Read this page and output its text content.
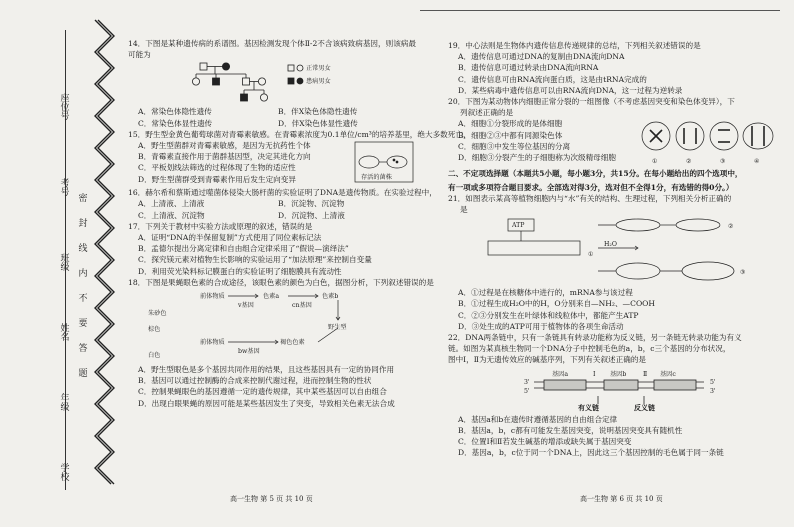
座位号
考号
班级
姓名
年级
学校
密
封
线
内
不
要
答
题

14．下图是某种遗传病的系谱图。基因检测发现个体Ⅱ-2不含该病致病基因，则该病最可能为

正常男女
患病男女
A．常染色体隐性遗传	B．伴X染色体隐性遗传
C．常染色体显性遗传	D．伴X染色体显性遗传

15．野生型金黄色葡萄球菌对青霉素敏感。在青霉素浓度为0.1单位/cm³的培养基里，绝大多数死亡，

A．野生型菌群对青霉素敏感，是因为无抗药性个体

B．青霉素直接作用于菌群基因型，决定其进化方向

C．平板划线法筛选的过程体现了生物的适应性

D．野生型菌群受到青霉素作用后发生定向变异	存活的菌株

16．赫尔希和蔡斯通过噬菌体侵染大肠杆菌的实验证明了DNA是遗传物质。在实验过程中，

A．上清液、上清液	B．沉淀物、沉淀物
C．上清液、沉淀物	D．沉淀物、上清液

17．下列关于教材中实验方法或原理的叙述，错误的是

A．证明“DNA的半保留复制”方式使用了同位素标记法

B．孟德尔提出分离定律和自由组合定律采用了“假说—演绎法”

C．探究镁元素对植物生长影响的实验运用了“加法原理”来控制自变量

D．利用荧光染料标记膜蛋白的实验证明了细胞膜具有流动性

18．下图是果蝇眼色素的合成途径，该眼色素的颜色为白色，据图分析，下列叙述错误的是

前体物质	色素a	色素b
v基因	cn基因
朱砂色
野生型
棕色
前体物质	褐色色素
bw基因
白色

A．野生型眼色是多个基因共同作用的结果，且这些基因具有一定的协同作用

B．基因可以通过控制酶的合成来控制代谢过程，进而控制生物的性状

C．控制果蝇眼色的基因遵循一定的遗传规律，其中某些基因可以自由组合

D．出现白眼果蝇的原因可能是某些基因发生了突变，导致相关色素无法合成

高一生物 第 5 页 共 10 页

19．中心法则是生物体内遗传信息传递规律的总结，下列相关叙述错误的是

A．遗传信息可通过DNA的复制由DNA流向DNA

B．遗传信息可通过转录由DNA流向RNA

C．遗传信息可由RNA流向蛋白质，这是由tRNA完成的

D．某些病毒中遗传信息可以由RNA流向DNA，这一过程为逆转录

20．下图为某动物体内细胞正常分裂的一组图像（不考虑基因突变和染色体变异），下

列叙述正确的是

A．细胞①分裂形成的是体细胞

B．细胞②③中都有同源染色体

C．细胞③中发生等位基因的分离

D．细胞③分裂产生的子细胞称为次级精母细胞	①	②	③	④

二、不定项选择题（本题共5小题，每小题3分，共15分。在每小题给出的四个选项中，

有一项或多项符合题目要求。全部选对得3分，选对但不全得1分，有选错的得0分。）

21．如图表示某高等植物细胞内与“水”有关的结构、生理过程，下列相关分析正确的

是

ATP
H₂O
②
①
③

A．①过程是在核糖体中进行的，mRNA参与该过程

B．①过程生成H₂O中的H，O分别来自—NH₂、—COOH

C．②③分别发生在叶绿体和线粒体中，都能产生ATP

D．③处生成的ATP可用于植物体的各项生命活动

22．DNA两条链中，只有一条链具有转录功能称为反义链，另一条链无转录功能为有义

链。如图为某真核生物同一个DNA分子中控制毛色的a，b，c三个基因的分布状况，

图中Ⅰ，Ⅱ为无遗传效应的碱基序列，下列有关叙述正确的是

基因a	Ⅰ 基因b	Ⅱ 基因c
3'	5'
5'	3'
有义链	反义链

A．基因a和b在遗传时遵循基因的自由组合定律

B．基因a，b，c都有可能发生基因突变，说明基因突变具有随机性

C．位置Ⅰ和Ⅱ若发生碱基的增添或缺失属于基因突变

D．基因a，b，c位于同一个DNA上，因此这三个基因控制的毛色属于同一条链

高一生物 第 6 页 共 10 页
